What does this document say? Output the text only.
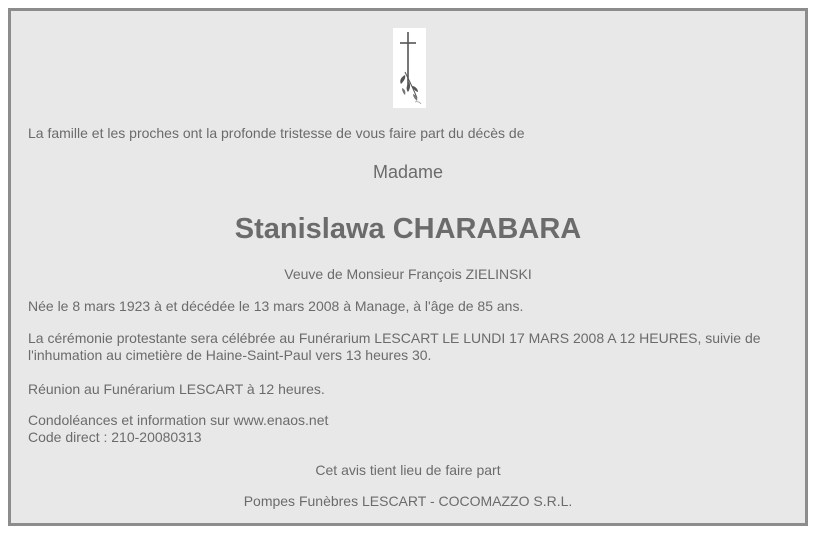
La famille et les proches ont la profonde tristesse de vous faire part du décès de

Madame

Stanislawa CHARABARA

Veuve de Monsieur François ZIELINSKI

Née le 8 mars 1923 à et décédée le 13 mars 2008 à Manage, à l'âge de 85 ans.

La cérémonie protestante sera célébrée au Funérarium LESCART LE LUNDI 17 MARS 2008 A 12 HEURES, suivie de l'inhumation au cimetière de Haine-Saint-Paul vers 13 heures 30.

Réunion au Funérarium LESCART à 12 heures.

Condoléances et information sur www.enaos.net

Code direct : 210-20080313

Cet avis tient lieu de faire part

Pompes Funèbres LESCART - COCOMAZZO S.R.L.
